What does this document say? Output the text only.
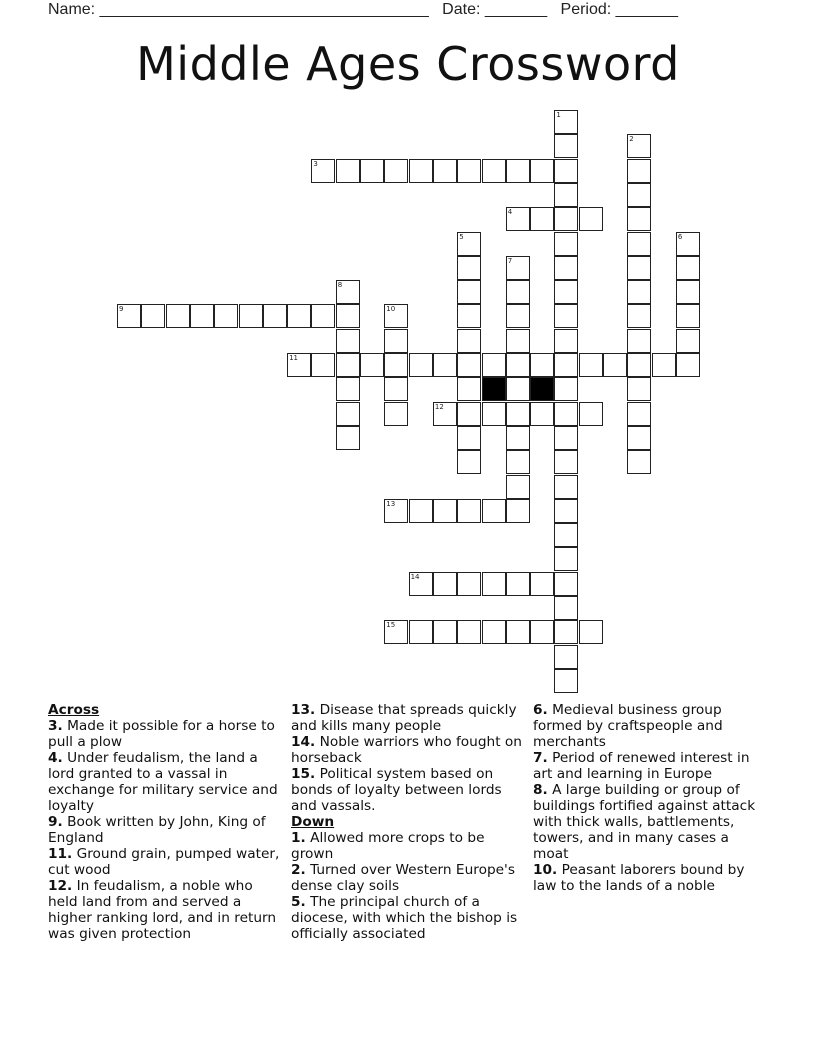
Name: _____________________________________ Date: _______ Period: _______
Middle Ages Crossword
1
2
3
4
5	6
7
8
9	10
11
12
13
14
15

Across

3. Made it possible for a horse to pull a plow

4. Under feudalism, the land a lord granted to a vassal in exchange for military service and loyalty

9. Book written by John, King of England

11. Ground grain, pumped water, cut wood

12. In feudalism, a noble who held land from and served a higher ranking lord, and in return was given protection

13. Disease that spreads quickly and kills many people

14. Noble warriors who fought on horseback

15. Political system based on bonds of loyalty between lords and vassals.

Down

1. Allowed more crops to be grown

2. Turned over Western Europe's dense clay soils

5. The principal church of a diocese, with which the bishop is officially associated

6. Medieval business group formed by craftspeople and merchants

7. Period of renewed interest in art and learning in Europe

8. A large building or group of buildings fortified against attack with thick walls, battlements, towers, and in many cases a moat

10. Peasant laborers bound by law to the lands of a noble
